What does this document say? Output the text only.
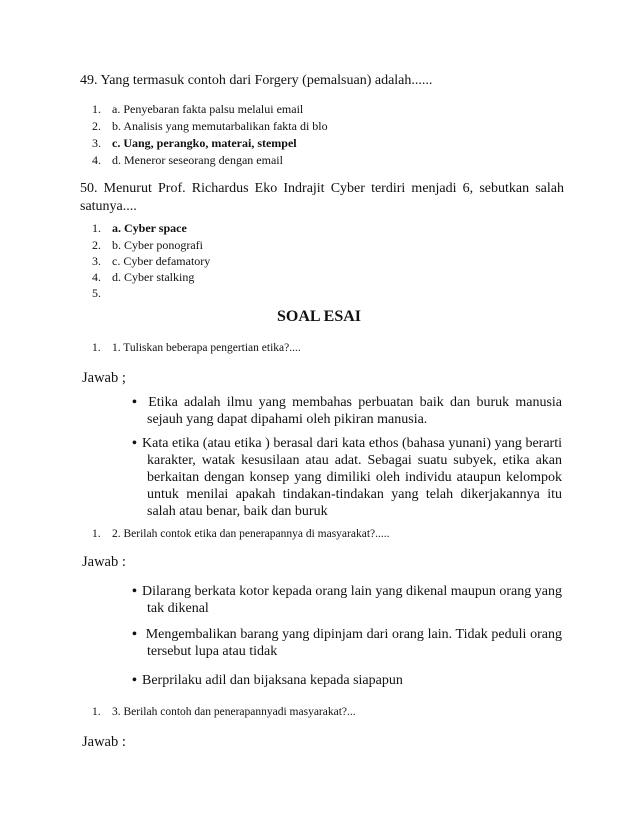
49. Yang termasuk contoh dari Forgery (pemalsuan) adalah......
1. a. Penyebaran fakta palsu melalui email
2. b. Analisis yang memutarbalikan fakta di blo
3. c. Uang, perangko, materai, stempel
4. d. Meneror seseorang dengan email
50. Menurut Prof. Richardus Eko Indrajit Cyber terdiri menjadi 6, sebutkan salah
satunya....
1. a. Cyber space
2. b. Cyber ponografi
3. c. Cyber defamatory
4. d. Cyber stalking
5.
SOAL ESAI
1. 1. Tuliskan beberapa pengertian etika?....
Jawab ;
• Etika adalah ilmu yang membahas perbuatan baik dan buruk manusia
sejauh yang dapat dipahami oleh pikiran manusia.
• Kata etika (atau etika ) berasal dari kata ethos (bahasa yunani) yang berarti
karakter, watak kesusilaan atau adat. Sebagai suatu subyek, etika akan
berkaitan dengan konsep yang dimiliki oleh individu ataupun kelompok
untuk menilai apakah tindakan-tindakan yang telah dikerjakannya itu
salah atau benar, baik dan buruk
1. 2. Berilah contok etika dan penerapannya di masyarakat?.....
Jawab :
• Dilarang berkata kotor kepada orang lain yang dikenal maupun orang yang
tak dikenal
• Mengembalikan barang yang dipinjam dari orang lain. Tidak peduli orang
tersebut lupa atau tidak
• Berprilaku adil dan bijaksana kepada siapapun
1. 3. Berilah contoh dan penerapannyadi masyarakat?...
Jawab :
